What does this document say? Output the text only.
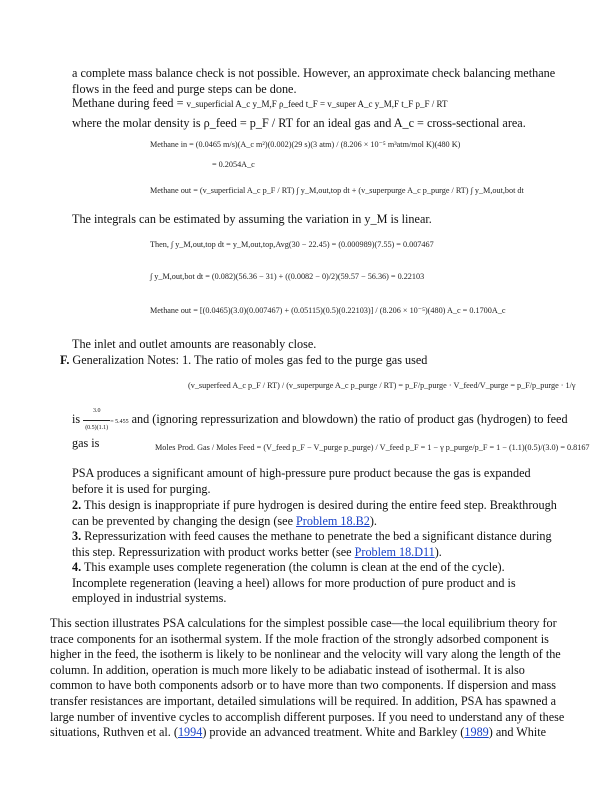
a complete mass balance check is not possible. However, an approximate check balancing methane flows in the feed and purge steps can be done.

Methane during feed = v_superficial A_c y_M,F ρ_feed t_F = v_super A_c y_M,F t_F p_F / RT

where the molar density is ρ_feed = p_F / RT for an ideal gas and A_c = cross-sectional area.

Methane in = (0.0465 m/s)(A_c m²)(0.002)(29 s)(3 atm) / (8.206 × 10⁻⁵ m³atm/mol K)(480 K)
= 0.2054A_c
Methane out = (v_superficial A_c p_F / RT) ∫ y_M,out,top dt + (v_superpurge A_c p_purge / RT) ∫ y_M,out,bot dt

The integrals can be estimated by assuming the variation in y_M is linear.

Then, ∫ y_M,out,top dt = y_M,out,top,Avg(30 − 22.45) = (0.000989)(7.55) = 0.007467
∫ y_M,out,bot dt = (0.082)(56.36 − 31) + ((0.0082 − 0)/2)(59.57 − 56.36) = 0.22103
Methane out = [(0.0465)(3.0)(0.007467) + (0.05115)(0.5)(0.22103)] / (8.206 × 10⁻⁵)(480) A_c = 0.1700A_c

The inlet and outlet amounts are reasonably close.

F. Generalization Notes: 1. The ratio of moles gas fed to the purge gas used

(v_superfeed A_c p_F / RT) / (v_superpurge A_c p_purge / RT) = p_F/p_purge · V_feed/V_purge = p_F/p_purge · 1/γ

is $\frac{3.0}{(0.5)(1.1)} = 5.455$ and (ignoring repressurization and blowdown) the ratio of product gas (hydrogen) to feed gas is	Moles Prod. Gas / Moles Feed = (V_feed p_F − V_purge p_purge) / V_feed p_F = 1 − γ p_purge/p_F = 1 − (1.1)(0.5)/(3.0) = 0.8167

PSA produces a significant amount of high-pressure pure product because the gas is expanded before it is used for purging.

2. This design is inappropriate if pure hydrogen is desired during the entire feed step. Breakthrough can be prevented by changing the design (see Problem 18.B2).
3. Repressurization with feed causes the methane to penetrate the bed a significant distance during this step. Repressurization with product works better (see Problem 18.D11).
4. This example uses complete regeneration (the column is clean at the end of the cycle). Incomplete regeneration (leaving a heel) allows for more production of pure product and is employed in industrial systems.

This section illustrates PSA calculations for the simplest possible case—the local equilibrium theory for trace components for an isothermal system. If the mole fraction of the strongly adsorbed component is higher in the feed, the isotherm is likely to be nonlinear and the velocity will vary along the length of the column. In addition, operation is much more likely to be adiabatic instead of isothermal. It is also common to have both components adsorb or to have more than two components. If dispersion and mass transfer resistances are important, detailed simulations will be required. In addition, PSA has spawned a large number of inventive cycles to accomplish different purposes. If you need to understand any of these situations, Ruthven et al. (1994) provide an advanced treatment. White and Barkley (1989) and White
